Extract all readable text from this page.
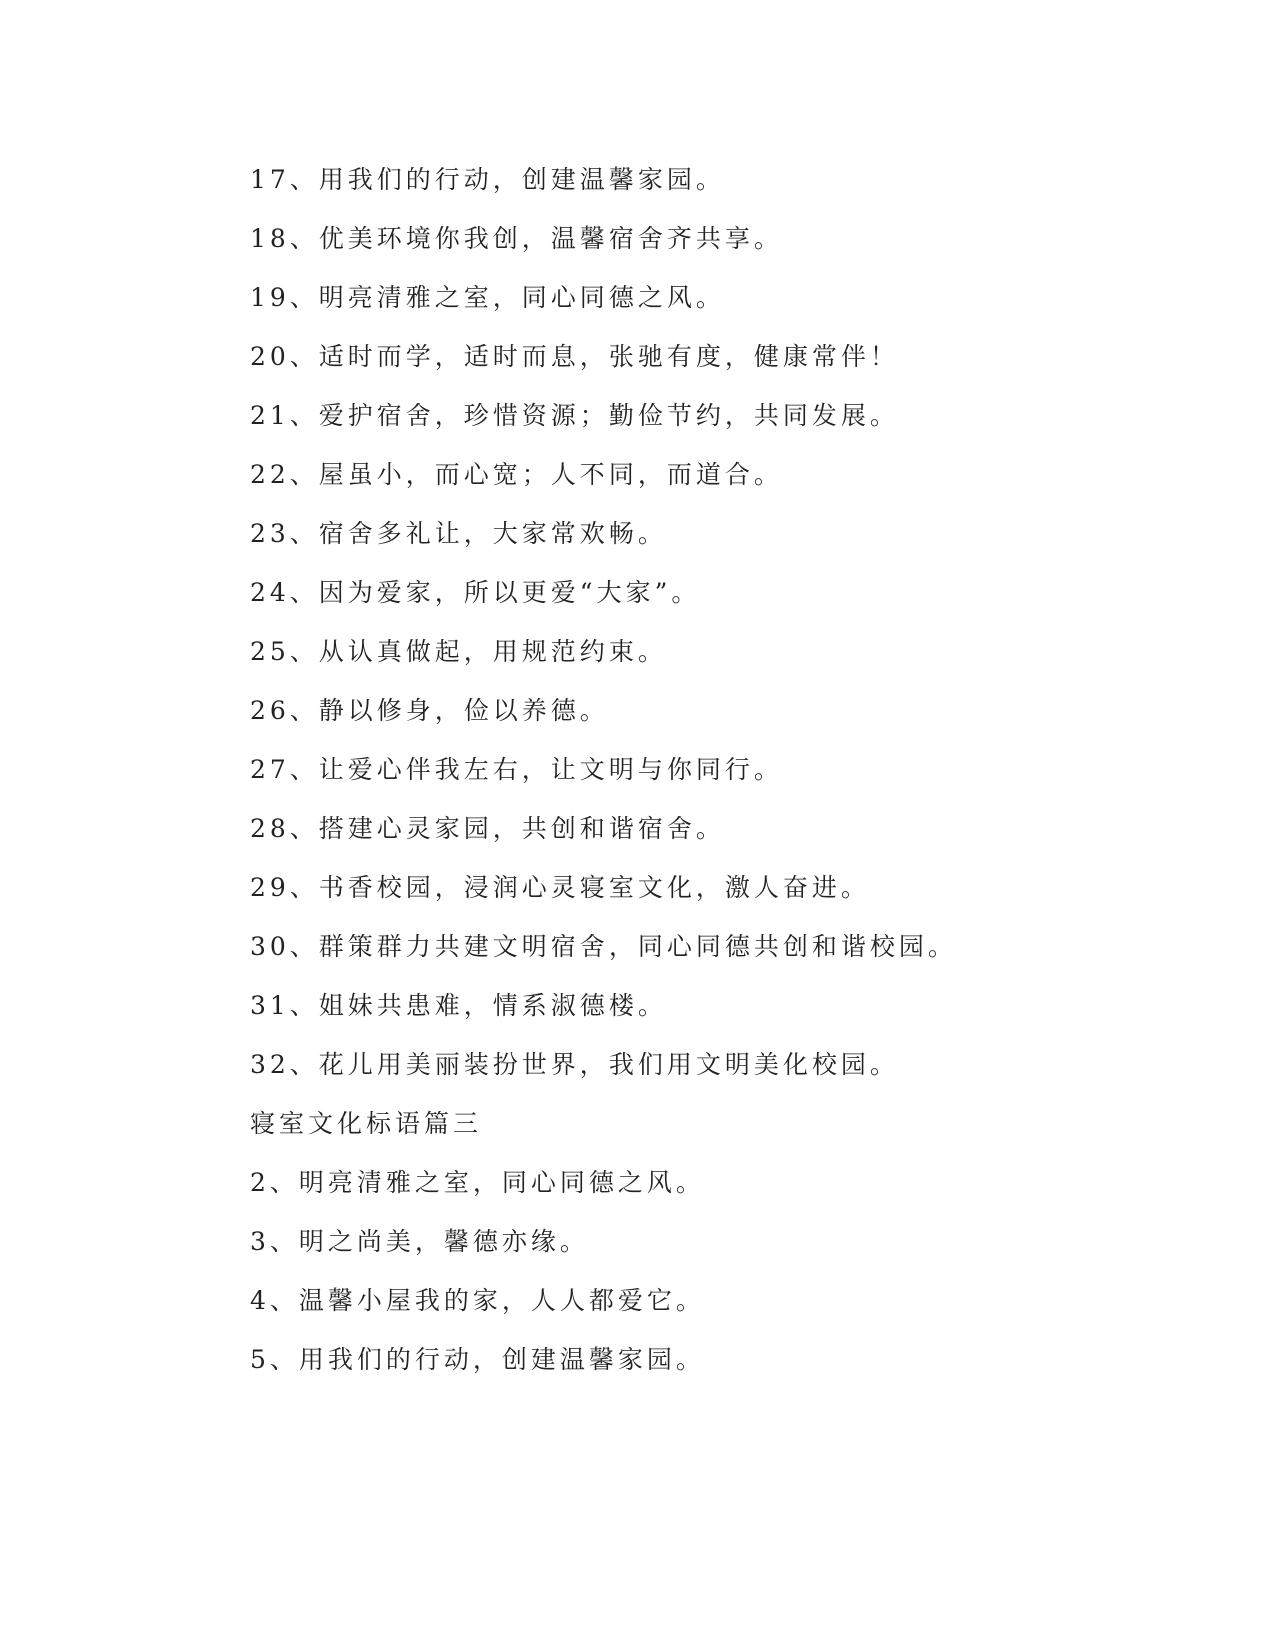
17、用我们的行动，创建温馨家园。
18、优美环境你我创，温馨宿舍齐共享。
19、明亮清雅之室，同心同德之风。
20、适时而学，适时而息，张驰有度，健康常伴！
21、爱护宿舍，珍惜资源；勤俭节约，共同发展。
22、屋虽小，而心宽；人不同，而道合。
23、宿舍多礼让，大家常欢畅。
24、因为爱家，所以更爱“大家”。
25、从认真做起，用规范约束。
26、静以修身，俭以养德。
27、让爱心伴我左右，让文明与你同行。
28、搭建心灵家园，共创和谐宿舍。
29、书香校园，浸润心灵寝室文化，激人奋进。
30、群策群力共建文明宿舍，同心同德共创和谐校园。
31、姐妹共患难，情系淑德楼。
32、花儿用美丽装扮世界，我们用文明美化校园。
寝室文化标语篇三
2、明亮清雅之室，同心同德之风。
3、明之尚美，馨德亦缘。
4、温馨小屋我的家，人人都爱它。
5、用我们的行动，创建温馨家园。
